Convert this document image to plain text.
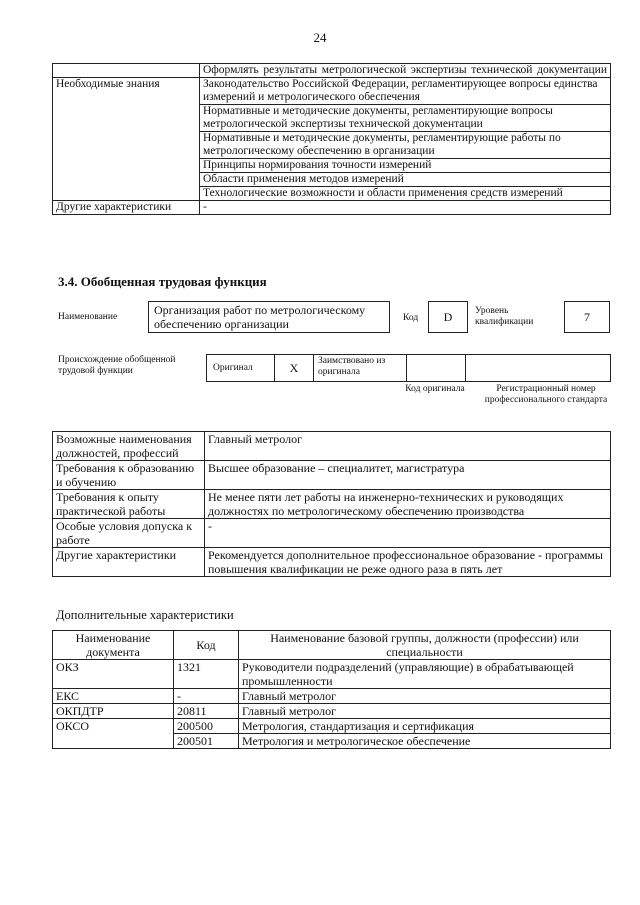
24
	Оформлять результаты метрологической экспертизы технической документации
Необходимые знания	Законодательство Российской Федерации, регламентирующее вопросы единства измерений и метрологического обеспечения
	Нормативные и методические документы, регламентирующие вопросы метрологической экспертизы технической документации
	Нормативные и методические документы, регламентирующие работы по метрологическому обеспечению в организации
	Принципы нормирования точности измерений
	Области применения методов измерений
	Технологические возможности и области применения средств измерений
Другие характеристики	-
3.4. Обобщенная трудовая функция
Наименование	Организация работ по метрологическому обеспечению организации	Код	D	Уровень квалификации	7
Происхождение обобщенной трудовой функции	Оригинал	X	Заимствовано из оригинала
Код оригинала	Регистрационный номер профессионального стандарта
Возможные наименования должностей, профессий	Главный метролог
Требования к образованию и обучению	Высшее образование – специалитет, магистратура
Требования к опыту практической работы	Не менее пяти лет работы на инженерно-технических и руководящих должностях по метрологическому обеспечению производства
Особые условия допуска к работе	-
Другие характеристики	Рекомендуется дополнительное профессиональное образование - программы повышения квалификации не реже одного раза в пять лет
Дополнительные характеристики
Наименование документа	Код	Наименование базовой группы, должности (профессии) или специальности
ОКЗ	1321	Руководители подразделений (управляющие) в обрабатывающей промышленности
ЕКС	-	Главный метролог
ОКПДТР	20811	Главный метролог
ОКСО	200500	Метрология, стандартизация и сертификация
	200501	Метрология и метрологическое обеспечение
